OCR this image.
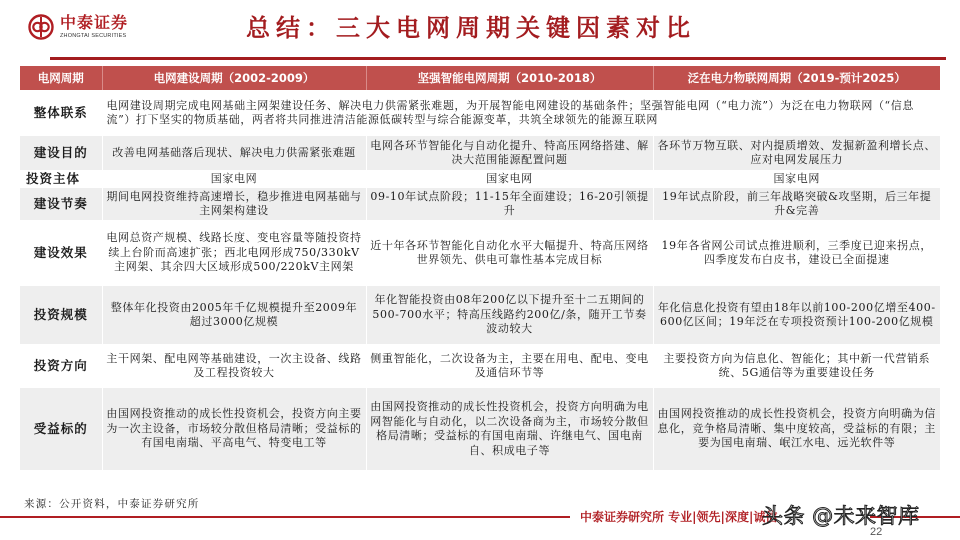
中泰证券
ZHONGTAI SECURITIES	总结：三大电网周期关键因素对比
电网周期	电网建设周期（2002-2009）	坚强智能电网周期（2010-2018）	泛在电力物联网周期（2019-预计2025）
整体联系	电网建设周期完成电网基础主网架建设任务、解决电力供需紧张难题，为开展智能电网建设的基础条件；坚强智能电网（“电力流”）为泛在电力物联网（“信息流”）打下坚实的物质基础，两者将共同推进清洁能源低碳转型与综合能源变革，共筑全球领先的能源互联网		
建设目的	改善电网基础落后现状、解决电力供需紧张难题	电网各环节智能化与自动化提升、特高压网络搭建、解决大范围能源配置问题	各环节万物互联、对内提质增效、发掘新盈利增长点、应对电网发展压力
投资主体	国家电网	国家电网	国家电网
建设节奏	期间电网投资维持高速增长，稳步推进电网基础与主网架构建设	09-10年试点阶段；11-15年全面建设；16-20引领提升	19年试点阶段，前三年战略突破&攻坚期，后三年提升&完善
建设效果	电网总资产规模、线路长度、变电容量等随投资持续上台阶而高速扩张；西北电网形成750/330kV主网架、其余四大区域形成500/220kV主网架	近十年各环节智能化自动化水平大幅提升、特高压网络世界领先、供电可靠性基本完成目标	19年各省网公司试点推进顺利，三季度已迎来拐点，四季度发布白皮书，建设已全面提速
投资规模	整体年化投资由2005年千亿规模提升至2009年超过3000亿规模	年化智能投资由08年200亿以下提升至十二五期间的500-700水平；特高压线路约200亿/条，随开工节奏波动较大	年化信息化投资有望由18年以前100-200亿增至400-600亿区间；19年泛在专项投资预计100-200亿规模
投资方向	主干网架、配电网等基础建设，一次主设备、线路及工程投资较大	侧重智能化，二次设备为主，主要在用电、配电、变电及通信环节等	主要投资方向为信息化、智能化；其中新一代营销系统、5G通信等为重要建设任务
受益标的	由国网投资推动的成长性投资机会，投资方向主要为一次主设备，市场较分散但格局清晰；受益标的有国电南瑞、平高电气、特变电工等	由国网投资推动的成长性投资机会，投资方向明确为电网智能化与自动化，以二次设备商为主，市场较分散但格局清晰；受益标的有国电南瑞、许继电气、国电南自、积成电子等	由国网投资推动的成长性投资机会，投资方向明确为信息化，竞争格局清晰、集中度较高，受益标的有限；主要为国电南瑞、岷江水电、远光软件等
来源：公开资料，中泰证券研究所
中泰证券研究所 专业|领先|深度|诚信
头条 @未来智库
22
